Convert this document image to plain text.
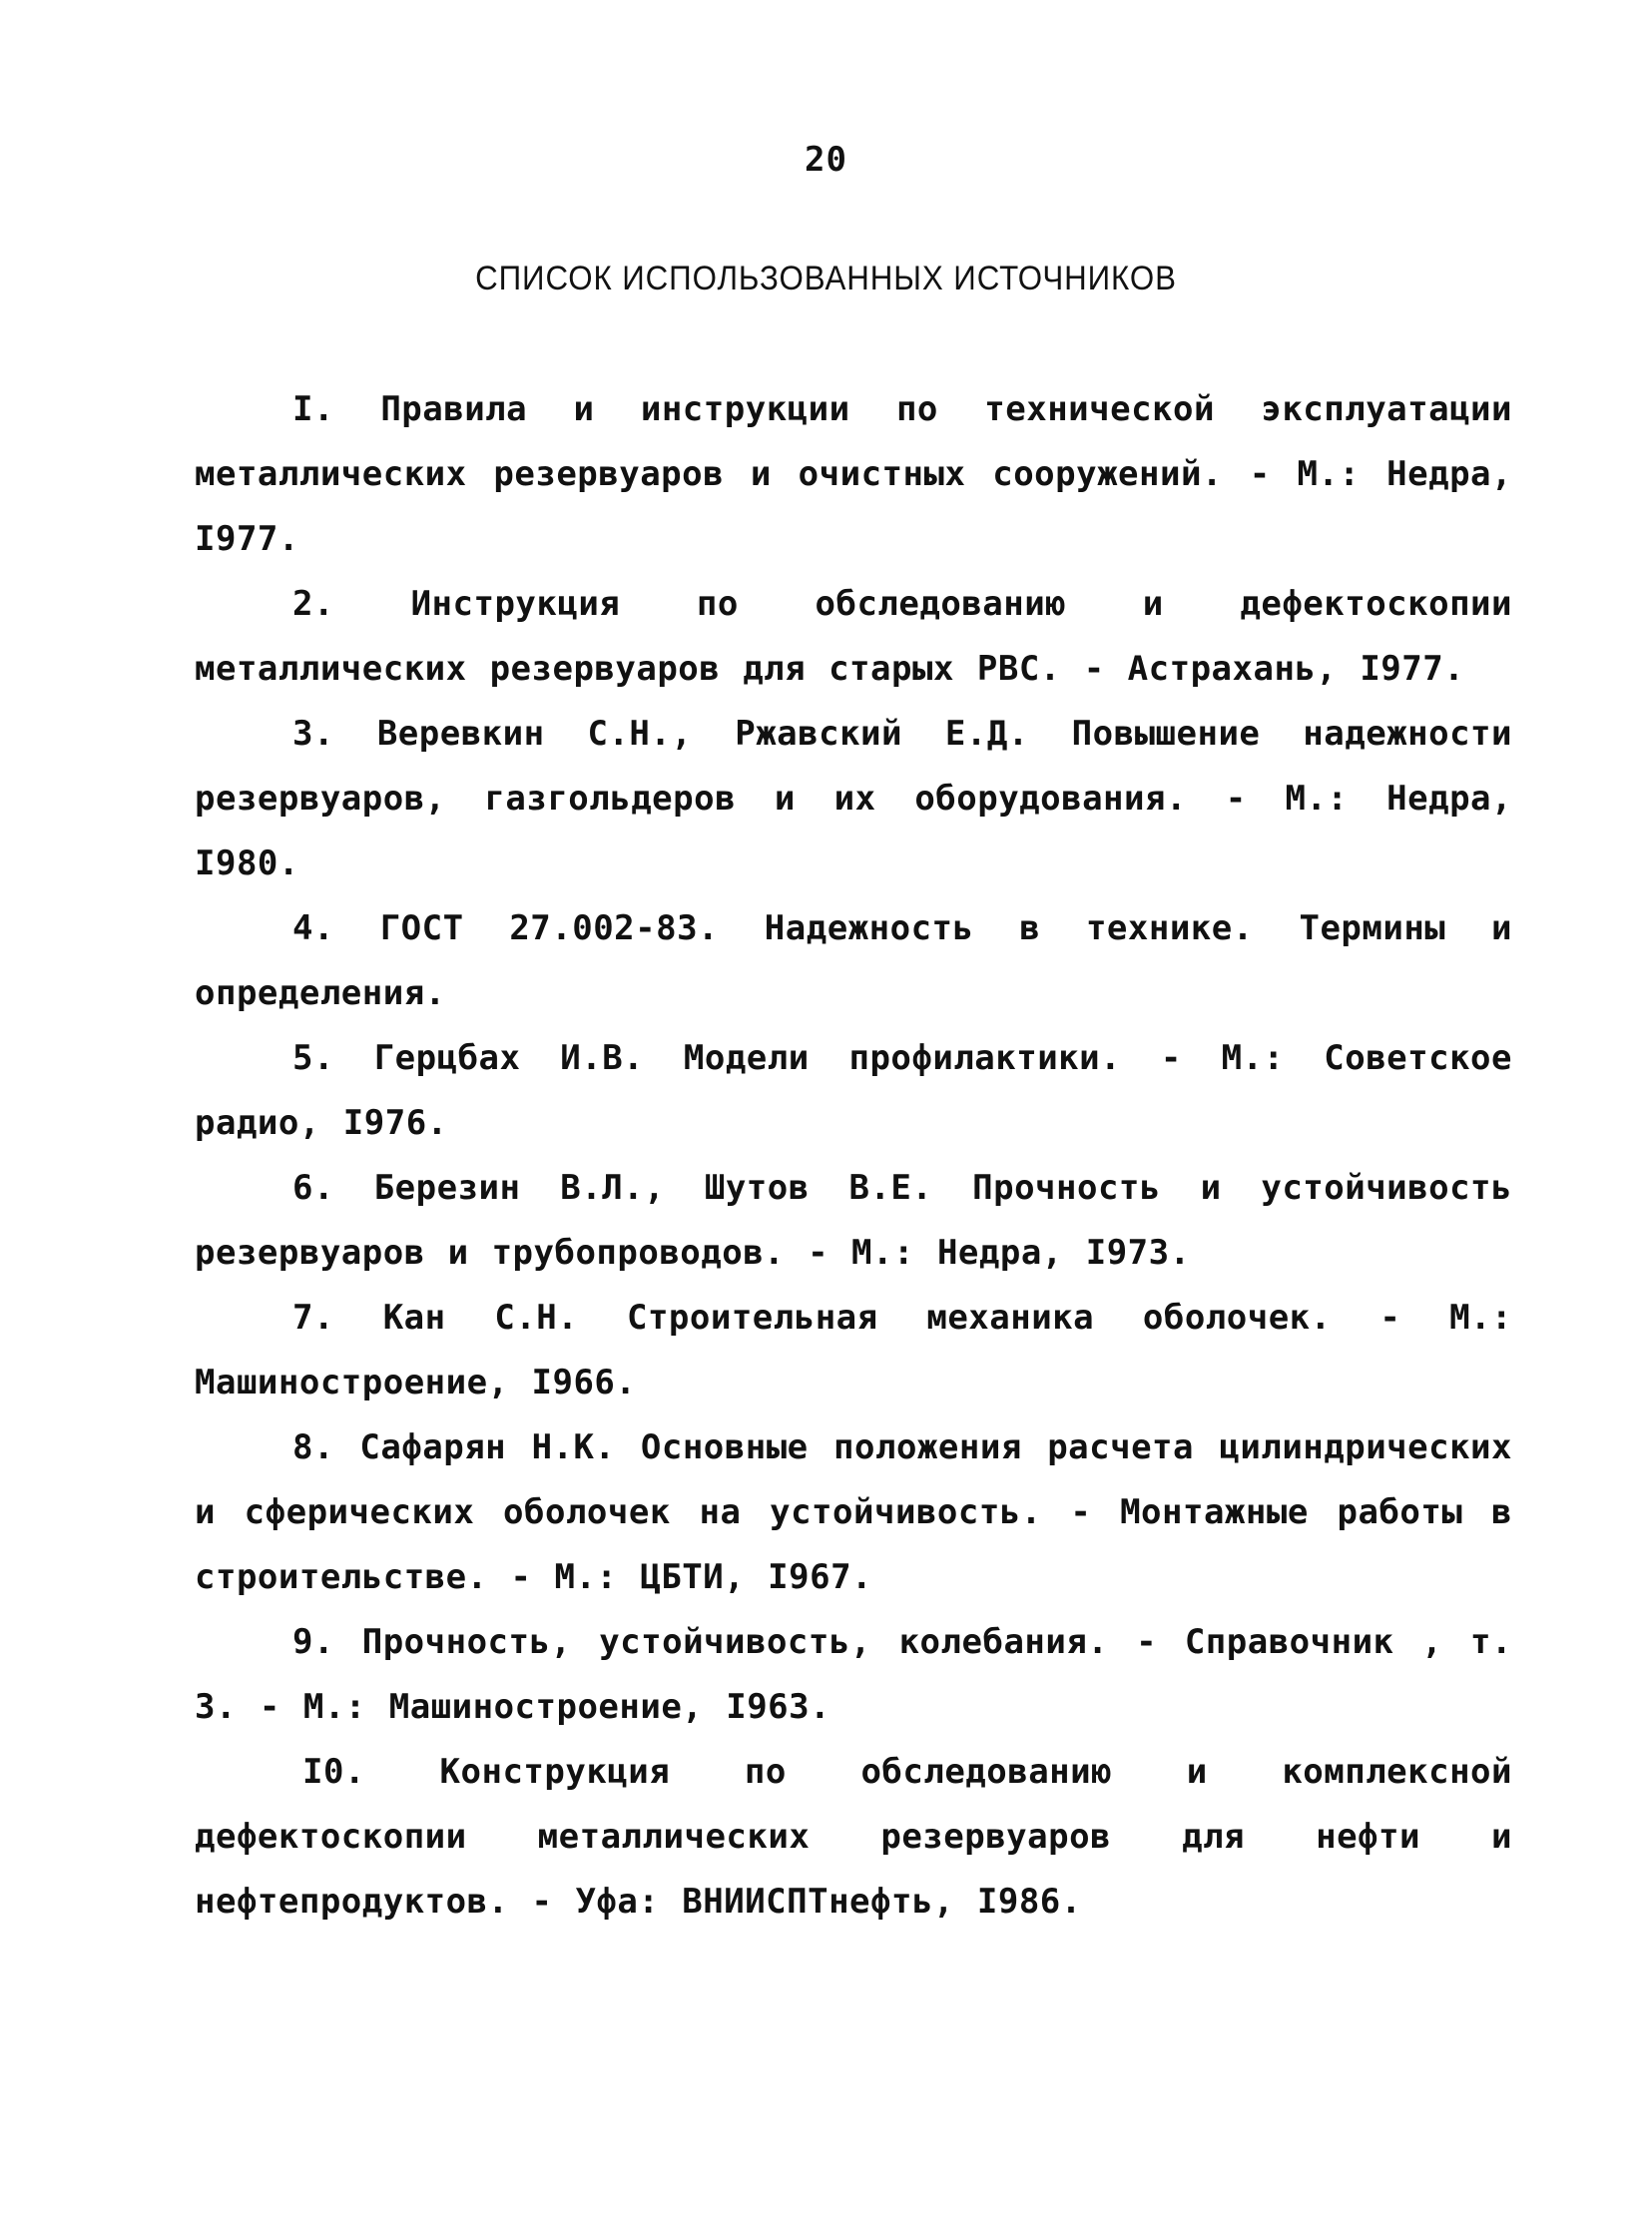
20
СПИСОК ИСПОЛЬЗОВАННЫХ ИСТОЧНИКОВ
I. Правила и инструкции по технической эксплуатации металлических резервуаров и очистных сооружений. - М.: Недра, I977.
2. Инструкция по обследованию и дефектоскопии металлических резервуаров для старых РВС. - Астрахань, I977.
3. Веревкин С.Н., Ржавский Е.Д. Повышение надежности резервуаров, газгольдеров и их оборудования. - М.: Недра, I980.
4. ГОСТ 27.002-83. Надежность в технике. Термины и определения.
5. Герцбах И.В. Модели профилактики. - М.: Советское радио, I976.
6. Березин В.Л., Шутов В.Е. Прочность и устойчивость резервуаров и трубопроводов. - М.: Недра, I973.
7. Кан С.Н. Строительная механика оболочек. - М.: Машиностроение, I966.
8. Сафарян Н.К. Основные положения расчета цилиндрических и сферических оболочек на устойчивость. - Монтажные работы в строительстве. - М.: ЦБТИ, I967.
9. Прочность, устойчивость, колебания. - Справочник , т. 3. - М.: Машиностроение, I963.
I0. Конструкция по обследованию и комплексной дефектоскопии металлических резервуаров для нефти и нефтепродуктов. - Уфа: ВНИИСПТнефть, I986.
